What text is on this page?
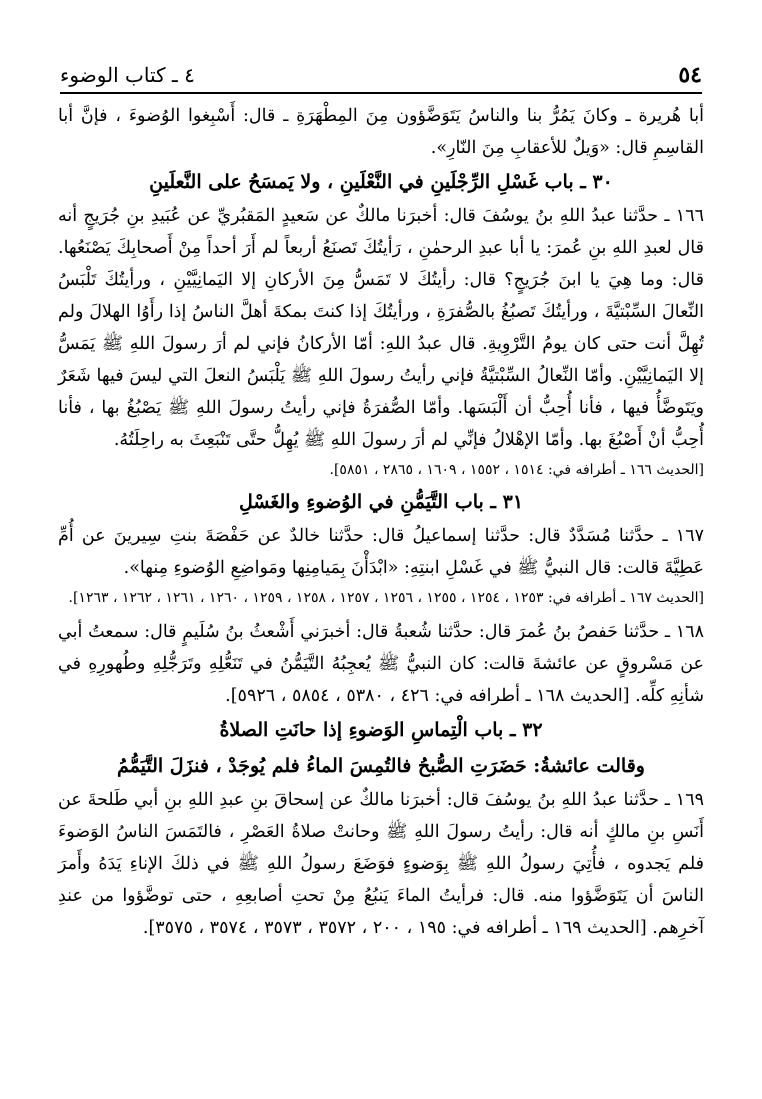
٥٤
٤ ـ كتاب الوضوء

أبا هُريرة ـ وكانَ يَمُرُّ بنا والناسُ يَتَوَضَّؤون مِنَ المِطْهَرَةِ ـ قال: أَسْبِغوا الوُضوءَ ، فإنَّ أبا القاسِمِ قال: «وَيلٌ للأعقابِ مِنَ النّارِ».

٣٠ ـ باب غَسْلِ الرِّجْلَينِ في النَّعْلَينِ ، ولا يَمسَحُ على النَّعلَينِ

١٦٦ ـ حدَّثنا عبدُ اللهِ بنُ يوسُفَ قال: أخبرَنا مالكٌ عن سَعيدٍ المَقبُريِّ عن عُبَيدِ بنِ جُرَيجٍ أنه قال لعبدِ اللهِ بنِ عُمرَ: يا أبا عبدِ الرحمٰنِ ، رَأيتُكَ تَصنَعُ أربعاً لم أَرَ أحداً مِنْ أَصحابِكَ يَصْنَعُها. قال: وما هِيَ يا ابنَ جُرَيجٍ؟ قال: رأيتُكَ لا تَمَسُّ مِنَ الأركانِ إلا اليَمانِيَّيْنِ ، ورأيتُكَ تَلْبَسُ النِّعالَ السِّبْتيَّةَ ، ورأيتُكَ تَصبُغُ بالصُّفرَةِ ، ورأيتُكَ إذا كنتَ بمكةَ أهلَّ الناسُ إذا رأَوُا الهلالَ ولم تُهِلَّ أنت حتى كان يومُ التَّرْوِيةِ. قال عبدُ اللهِ: أمّا الأركانُ فإني لم أرَ رسولَ اللهِ ﷺ يَمَسُّ إلا اليَمانِيَّيْنِ. وأمّا النِّعالُ السِّبْتيَّةُ فإني رأيتُ رسولَ اللهِ ﷺ يَلْبَسُ النعلَ التي ليسَ فيها شَعَرٌ ويَتَوضَّأُ فيها ، فأنا أُحِبُّ أن أَلْبَسَها. وأمّا الصُّفرَةُ فإني رأيتُ رسولَ اللهِ ﷺ يَصْبُغُ بها ، فأنا أُحِبُّ أنْ أَصْبُغَ بها. وأمّا الإهْلالُ فإنِّي لم أرَ رسولَ اللهِ ﷺ يُهِلُّ حتَّى تَنْبَعِثَ به راحِلَتُهُ.

[الحديث ١٦٦ ـ أطرافه في: ١٥١٤ ، ١٥٥٢ ، ١٦٠٩ ، ٢٨٦٥ ، ٥٨٥١].

٣١ ـ باب التَّيَمُّنِ في الوُضوءِ والغَسْلِ

١٦٧ ـ حدَّثنا مُسَدَّدٌ قال: حدَّثنا إسماعيلُ قال: حدَّثنا خالدٌ عن حَفْصَةَ بنتِ سِيرينَ عن أُمِّ عَطِيَّةَ قالت: قال النبيُّ ﷺ في غَسْلِ ابنتِهِ: «ابْدَأْنَ بِمَيامِنِها ومَواضِعِ الوُضوءِ مِنها».

[الحديث ١٦٧ ـ أطرافه في: ١٢٥٣ ، ١٢٥٤ ، ١٢٥٥ ، ١٢٥٦ ، ١٢٥٧ ، ١٢٥٨ ، ١٢٥٩ ، ١٢٦٠ ، ١٢٦١ ، ١٢٦٢ ، ١٢٦٣].

١٦٨ ـ حدَّثنا حَفصُ بنُ عُمرَ قال: حدَّثنا شُعبةُ قال: أخبرَني أَشْعثُ بنُ سُلَيمٍ قال: سمعتُ أبي عن مَسْروقٍ عن عائشةَ قالت: كان النبيُّ ﷺ يُعجِبُهُ التَّيَمُّنُ في تَنَعُّلِهِ وتَرَجُّلِهِ وطُهورِهِ في شأنِهِ كلِّه. [الحديث ١٦٨ ـ أطرافه في: ٤٢٦ ، ٥٣٨٠ ، ٥٨٥٤ ، ٥٩٢٦].

٣٢ ـ باب الْتِماسِ الوَضوءِ إذا حانَتِ الصلاةُ

وقالت عائشةُ: حَضَرَتِ الصُّبحُ فالتُمِسَ الماءُ فلم يُوجَدْ ، فنزَلَ التَّيَمُّمُ

١٦٩ ـ حدَّثنا عبدُ اللهِ بنُ يوسُفَ قال: أخبرَنا مالكٌ عن إسحاقَ بنِ عبدِ اللهِ بنِ أبي طَلحةَ عن أَنَسِ بنِ مالكٍ أنه قال: رأيتُ رسولَ اللهِ ﷺ وحانتْ صلاةُ العَصْرِ ، فالتَمَسَ الناسُ الوَضوءَ فلم يَجدوه ، فأُتِيَ رسولُ اللهِ ﷺ بِوَضوءٍ فوَضَعَ رسولُ اللهِ ﷺ في ذلكَ الإناءِ يَدَهُ وأَمرَ الناسَ أن يَتَوَضَّؤوا منه. قال: فرأيتُ الماءَ يَنبُعُ مِنْ تحتِ أصابعِهِ ، حتى توضَّؤوا من عندِ آخرِهم. [الحديث ١٦٩ ـ أطرافه في: ١٩٥ ، ٢٠٠ ، ٣٥٧٢ ، ٣٥٧٣ ، ٣٥٧٤ ، ٣٥٧٥].
